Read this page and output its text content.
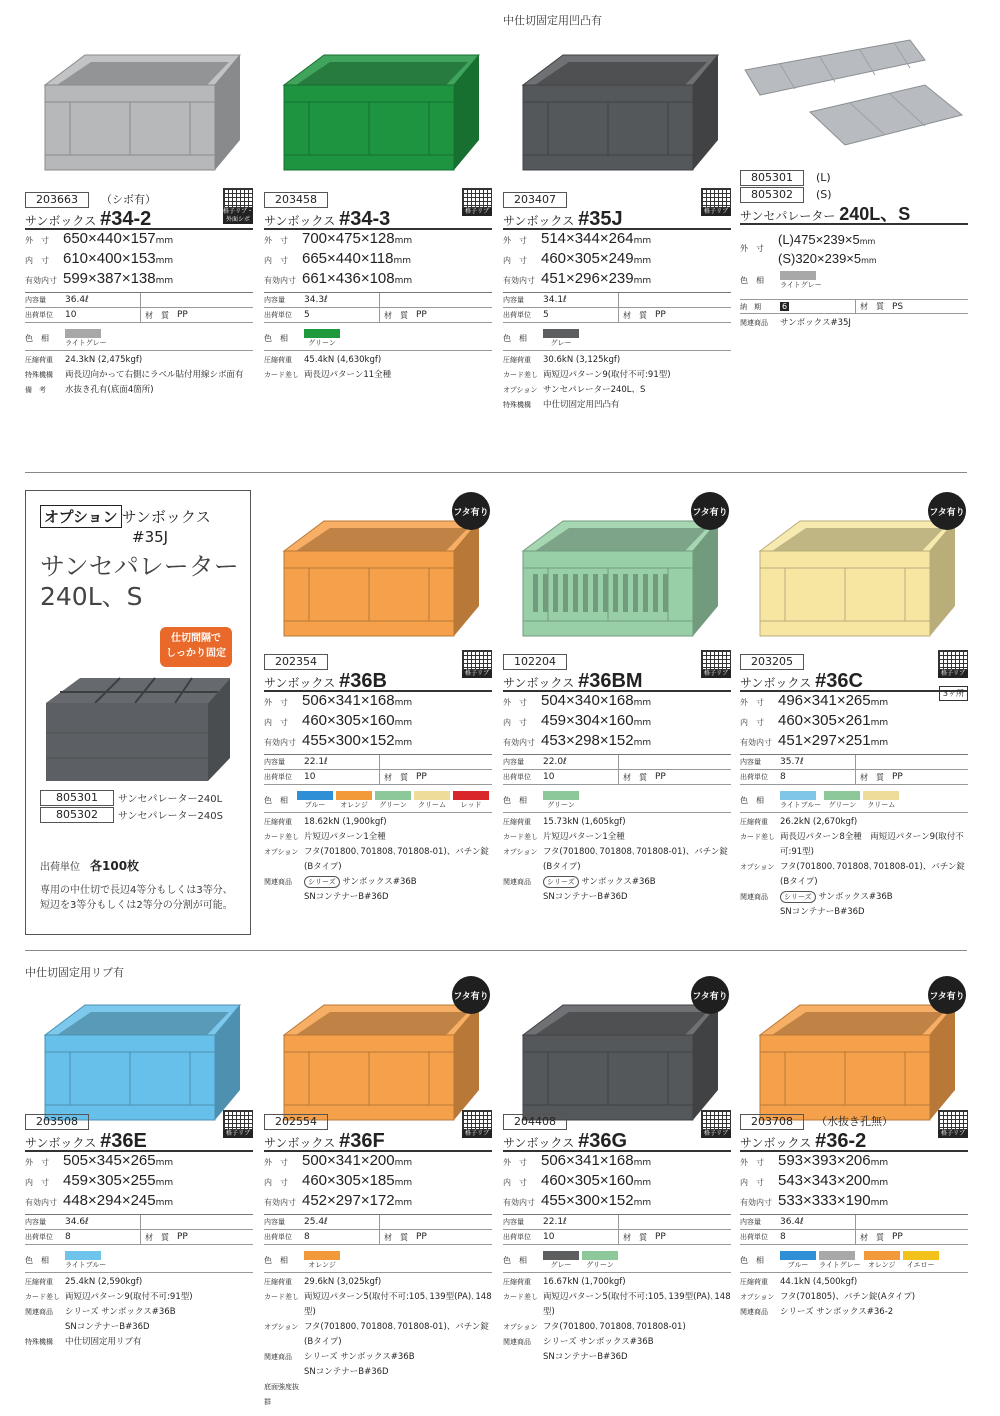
中仕切固定用凹凸有
203663 （シボ有）
格子リブ・外面シボ
サンボックス #34-2
外　寸 650×440×157 mm
内　寸 610×400×153 mm
有効内寸 599×387×138 mm
内容量	36.4ℓ
出荷単位	10	材　質 PP
色　相	ライトグレー
圧縮荷重	24.3kN (2,475kgf)
特殊機構	両長辺向かって右側にラベル貼付用線シボ面有
備　考	水抜き孔有(底面4箇所)
203458
格子リブ
サンボックス #34-3
外　寸 700×475×128 mm
内　寸 665×440×118 mm
有効内寸 661×436×108 mm
内容量	34.3ℓ
出荷単位	5	材　質 PP
色　相	グリーン
圧縮荷重	45.4kN (4,630kgf)
カード差し 両長辺パターン11全種
203407
格子リブ
サンボックス #35J
外　寸 514×344×264 mm
内　寸 460×305×249 mm
有効内寸 451×296×239 mm
内容量	34.1ℓ
出荷単位	5	材　質 PP
色　相	グレー
圧縮荷重	30.6kN (3,125kgf)
カード差し 両短辺パターン9(取付不可:91型)
オプション サンセパレーター240L、S
特殊機構	中仕切固定用凹凸有
805301 (L)
805302 (S)
サンセパレーター 240L、S
外　寸
(L)475×239×5mm
(S)320×239×5mm
色　相	ライトグレー
納　期	6	材　質 PS
関連商品	サンボックス#35J
オプション サンボックス
#35J
サンセパレーター
240L、S
仕切間隔で
しっかり固定
805301	サンセパレーター240L
805302	サンセパレーター240S
出荷単位　 各100枚
専用の中仕切で長辺4等分もしくは3等分、短辺を3等分もしくは2等分の分割が可能。
フタ有り
202354
格子リブ
サンボックス #36B
外　寸 506×341×168 mm
内　寸 460×305×160 mm
有効内寸 455×300×152 mm
内容量	22.1ℓ
出荷単位	10	材　質 PP
色　相	ブルー	オレンジ	グリーン	クリーム	レッド
圧縮荷重	18.62kN (1,900kgf)
カード差し 片短辺パターン1全種
オプション フタ(701800､701808､701808-01)、バチン錠(Bタイプ)
関連商品	シリーズ サンボックス#36B
SNコンテナーB#36D
フタ有り
102204
格子リブ
サンボックス #36BM
外　寸 504×340×168 mm
内　寸 459×304×160 mm
有効内寸 453×298×152 mm
内容量	22.0ℓ
出荷単位	10	材　質 PP
色　相	グリーン
圧縮荷重	15.73kN (1,605kgf)
カード差し 片短辺パターン1全種
オプション フタ(701800､701808､701808-01)、バチン錠(Bタイプ)
関連商品	シリーズ サンボックス#36B
SNコンテナーB#36D
フタ有り
203205
格子リブ
3ヶ所
サンボックス #36C
外　寸 496×341×265 mm
内　寸 460×305×261 mm
有効内寸 451×297×251 mm
内容量	35.7ℓ
出荷単位	8	材　質 PP
色　相	ライトブルー	グリーン	クリーム
圧縮荷重	26.2kN (2,670kgf)
カード差し 両長辺パターン8全種　両短辺パターン9(取付不可:91型)
オプション フタ(701800､701808､701808-01)、バチン錠(Bタイプ)
関連商品	シリーズ サンボックス#36B
SNコンテナーB#36D
中仕切固定用リブ有
203508
格子リブ
サンボックス #36E
外　寸 505×345×265 mm
内　寸 459×305×255 mm
有効内寸 448×294×245 mm
内容量	34.6ℓ
出荷単位	8	材　質 PP
色　相	ライトブルー
圧縮荷重	25.4kN (2,590kgf)
カード差し 両短辺パターン9(取付不可:91型)
関連商品	シリーズ サンボックス#36B
SNコンテナーB#36D
特殊機構	中仕切固定用リブ有
フタ有り
202554
格子リブ
サンボックス #36F
外　寸 500×341×200 mm
内　寸 460×305×185 mm
有効内寸 452×297×172 mm
内容量	25.4ℓ
出荷単位	8	材　質 PP
色　相	オレンジ
圧縮荷重	29.6kN (3,025kgf)
カード差し 両短辺パターン5(取付不可:105､139型(PA)､148型)
オプション フタ(701800､701808､701808-01)、バチン錠(Bタイプ)
関連商品	シリーズ サンボックス#36B
SNコンテナーB#36D
底面強度抜群
フタ有り
204408
格子リブ
サンボックス #36G
外　寸 506×341×168 mm
内　寸 460×305×160 mm
有効内寸 455×300×152 mm
内容量	22.1ℓ
出荷単位	10	材　質 PP
色　相	グレー	グリーン
圧縮荷重	16.67kN (1,700kgf)
カード差し 両短辺パターン5(取付不可:105､139型(PA)､148型)
オプション フタ(701800､701808､701808-01)
関連商品	シリーズ サンボックス#36B
SNコンテナーB#36D
フタ有り
203708 （水抜き孔無）
格子リブ
サンボックス #36-2
外　寸 593×393×206 mm
内　寸 543×343×200 mm
有効内寸 533×333×190 mm
内容量	36.4ℓ
出荷単位	8	材　質 PP
色　相	ブルー	ライトグレー	オレンジ	イエロー
圧縮荷重	44.1kN (4,500kgf)
オプション フタ(701805)、バチン錠(Aタイプ)
関連商品	シリーズ サンボックス#36-2
